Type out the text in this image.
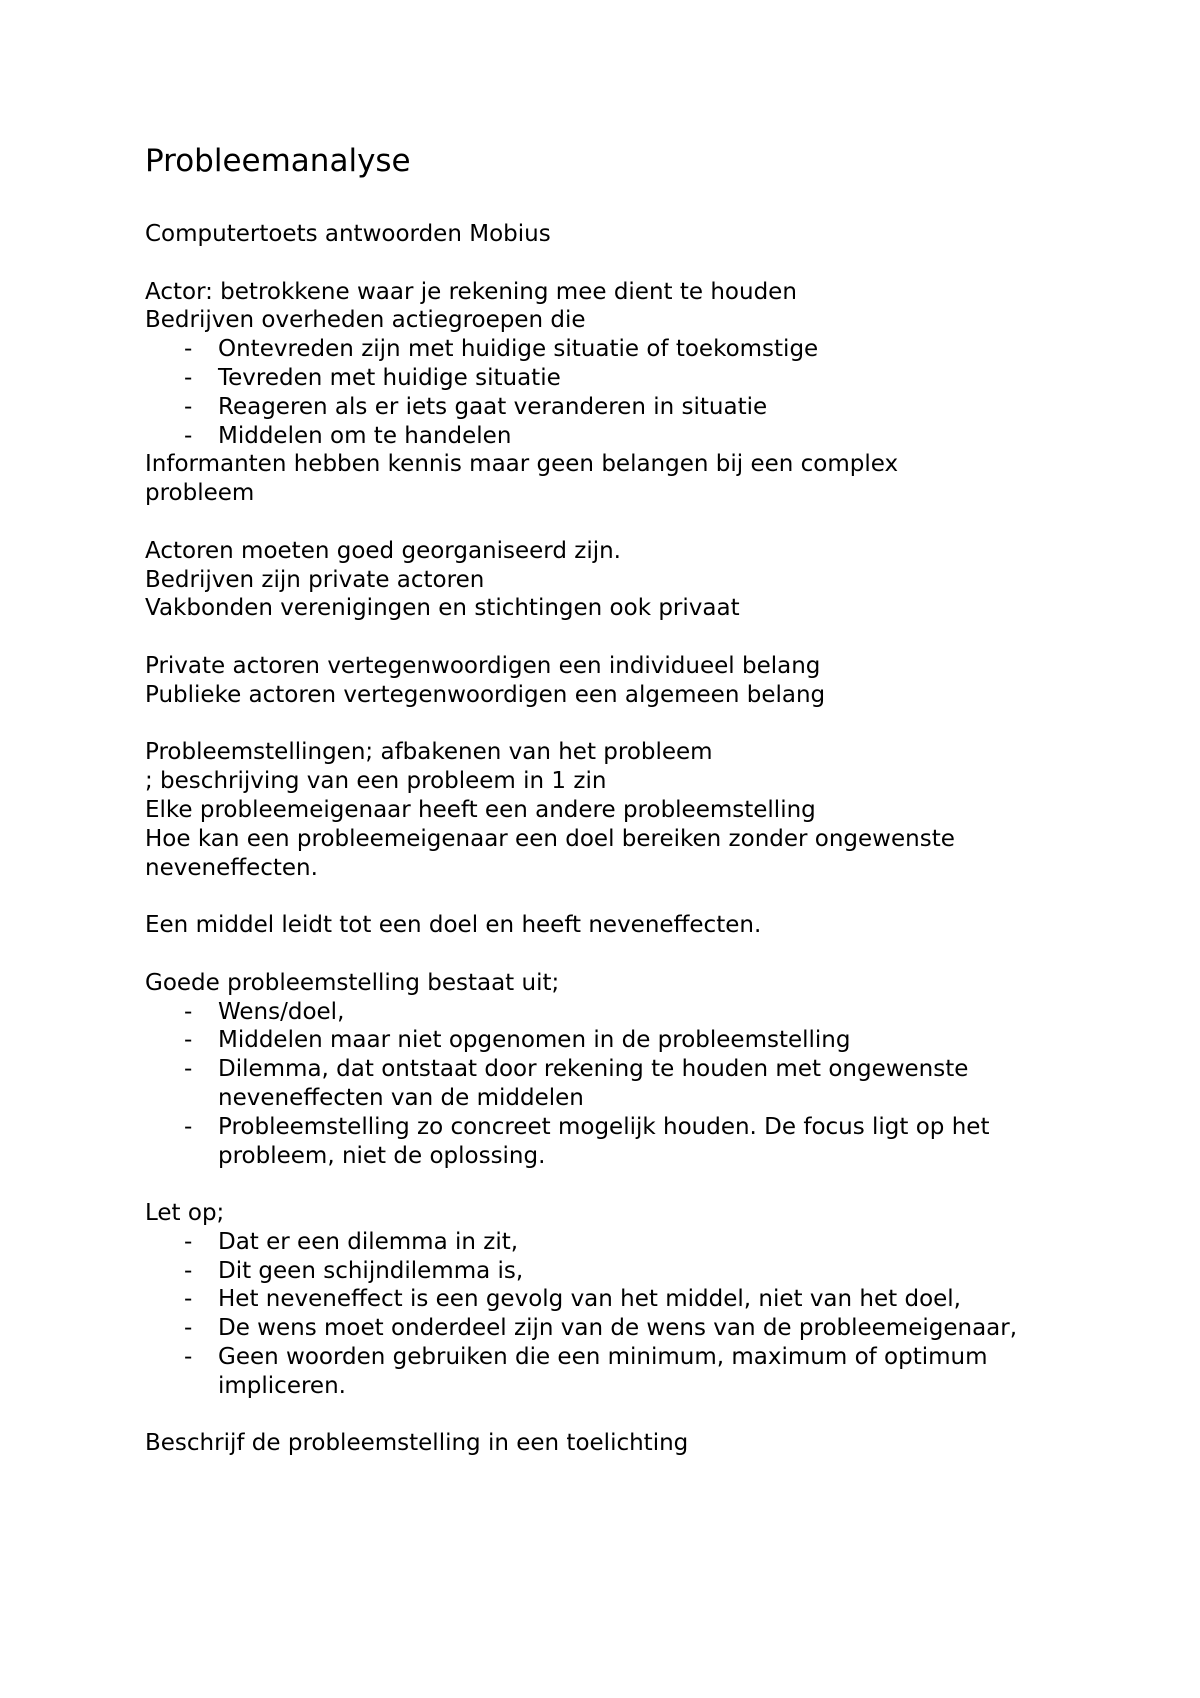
Probleemanalyse
Computertoets antwoorden Mobius
Actor: betrokkene waar je rekening mee dient te houden
Bedrijven overheden actiegroepen die
- Ontevreden zijn met huidige situatie of toekomstige
- Tevreden met huidige situatie
- Reageren als er iets gaat veranderen in situatie
- Middelen om te handelen
Informanten hebben kennis maar geen belangen bij een complex
probleem
Actoren moeten goed georganiseerd zijn.
Bedrijven zijn private actoren
Vakbonden verenigingen en stichtingen ook privaat
Private actoren vertegenwoordigen een individueel belang
Publieke actoren vertegenwoordigen een algemeen belang
Probleemstellingen; afbakenen van het probleem
; beschrijving van een probleem in 1 zin
Elke probleemeigenaar heeft een andere probleemstelling
Hoe kan een probleemeigenaar een doel bereiken zonder ongewenste
neveneffecten.
Een middel leidt tot een doel en heeft neveneffecten.
Goede probleemstelling bestaat uit;
- Wens/doel,
- Middelen maar niet opgenomen in de probleemstelling
- Dilemma, dat ontstaat door rekening te houden met ongewenste
neveneffecten van de middelen
- Probleemstelling zo concreet mogelijk houden. De focus ligt op het
probleem, niet de oplossing.
Let op;
- Dat er een dilemma in zit,
- Dit geen schijndilemma is,
- Het neveneffect is een gevolg van het middel, niet van het doel,
- De wens moet onderdeel zijn van de wens van de probleemeigenaar,
- Geen woorden gebruiken die een minimum, maximum of optimum
impliceren.
Beschrijf de probleemstelling in een toelichting
